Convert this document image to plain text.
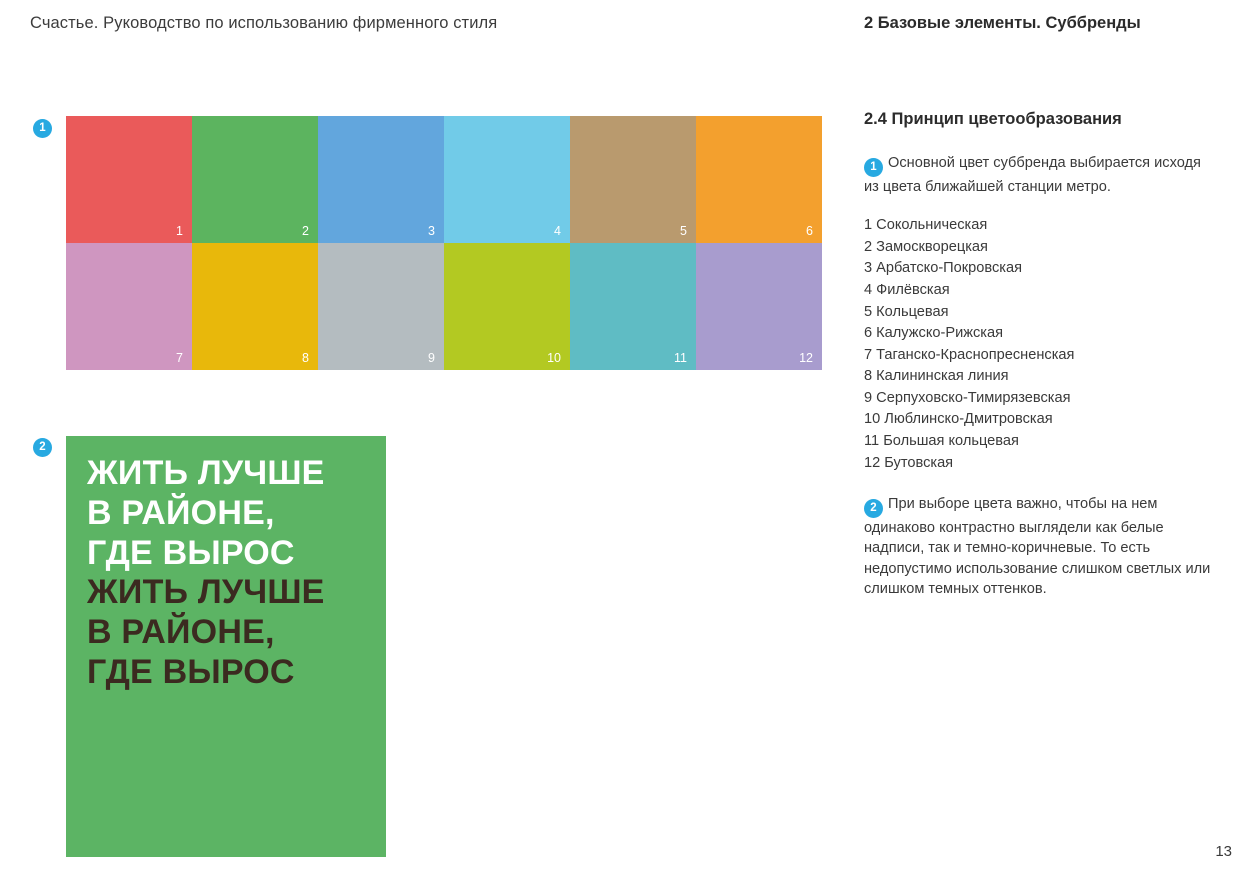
Счастье. Руководство по использованию фирменного стиля	2 Базовые элементы. Суббренды
1
2
1	2	3	4	5	6
7	8	9	10	11	12
ЖИТЬ ЛУЧШЕ
В РАЙОНЕ,
ГДЕ ВЫРОС
ЖИТЬ ЛУЧШЕ
В РАЙОНЕ,
ГДЕ ВЫРОС
2.4 Принцип цветообразования

1 Основной цвет суббренда выбирается исходя из цвета ближайшей станции метро.

1 Сокольническая
2 Замоскворецкая
3 Арбатско-Покровская
4 Филёвская
5 Кольцевая
6 Калужско-Рижская
7 Таганско-Краснопресненская
8 Калининская линия
9 Серпуховско-Тимирязевская
10 Люблинско-Дмитровская
11 Большая кольцевая
12 Бутовская

2 При выборе цвета важно, чтобы на нем одинаково контрастно выглядели как белые надписи, так и темно-коричневые. То есть недопустимо использование слишком светлых или слишком темных оттенков.

13
